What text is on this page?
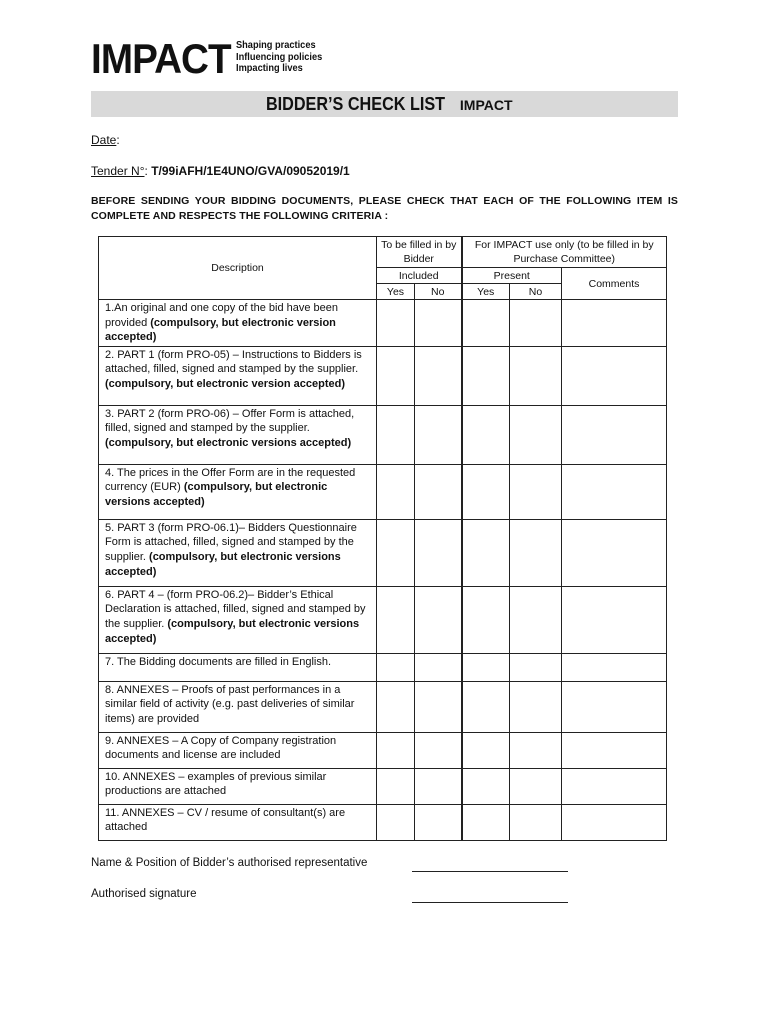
IMPACT Shaping practices
Influencing policies
Impacting lives
BIDDER’S CHECK LIST IMPACT
Date:
Tender N°: T/99iAFH/1E4UNO/GVA/09052019/1
BEFORE SENDING YOUR BIDDING DOCUMENTS, PLEASE CHECK THAT EACH OF THE FOLLOWING ITEM IS COMPLETE AND RESPECTS THE FOLLOWING CRITERIA :
Description	To be filled in by Bidder		For IMPACT use only (to be filled in by Purchase Committee)		
	Included		Present		Comments
	Yes	No	Yes	No	
1.An original and one copy of the bid have been provided (compulsory, but electronic version accepted)					
2. PART 1 (form PRO-05) – Instructions to Bidders is attached, filled, signed and stamped by the supplier. (compulsory, but electronic version accepted)					
3. PART 2 (form PRO-06) – Offer Form is attached, filled, signed and stamped by the supplier. (compulsory, but electronic versions accepted)					
4. The prices in the Offer Form are in the requested currency (EUR) (compulsory, but electronic versions accepted)					
5. PART 3 (form PRO-06.1)– Bidders Questionnaire Form is attached, filled, signed and stamped by the supplier. (compulsory, but electronic versions accepted)					
6. PART 4 – (form PRO-06.2)– Bidder’s Ethical Declaration is attached, filled, signed and stamped by the supplier. (compulsory, but electronic versions accepted)					
7. The Bidding documents are filled in English.					
8. ANNEXES – Proofs of past performances in a similar field of activity (e.g. past deliveries of similar items) are provided					
9. ANNEXES – A Copy of Company registration documents and license are included					
10. ANNEXES – examples of previous similar productions are attached					
11. ANNEXES – CV / resume of consultant(s) are attached					
Name & Position of Bidder’s authorised representative
Authorised signature
